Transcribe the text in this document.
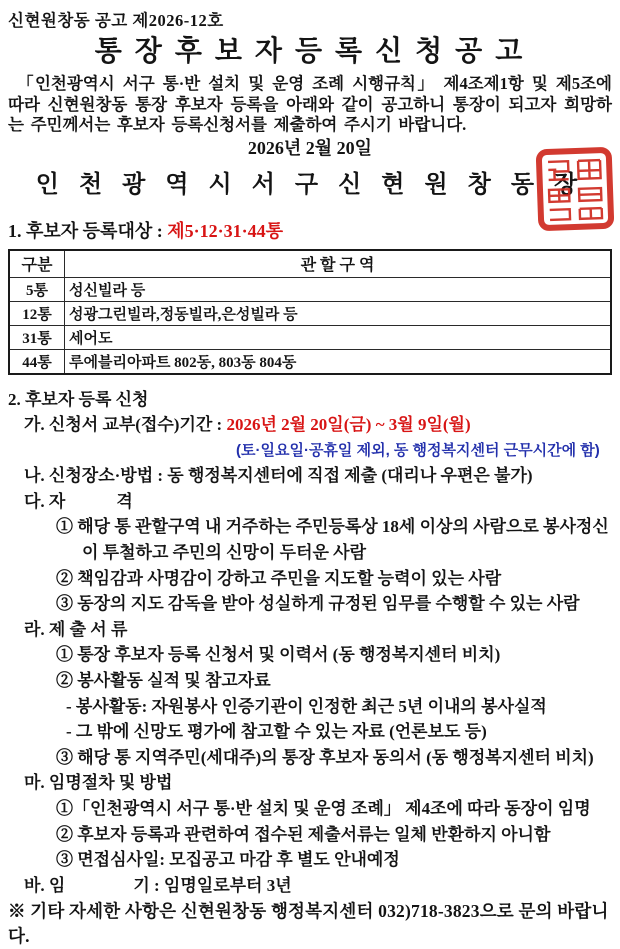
신현원창동 공고 제2026-12호
통 장 후 보 자 등 록 신 청 공 고
「인천광역시 서구 통·반 설치 및 운영 조례 시행규칙」 제4조제1항 및 제5조에 따라 신현원창동 통장 후보자 등록을 아래와 같이 공고하니 통장이 되고자 희망하는 주민께서는 후보자 등록신청서를 제출하여 주시기 바랍니다.
2026년 2월 20일
인 천 광 역 시 서 구 신 현 원 창 동 장
1. 후보자 등록대상 : 제5·12·31·44통
구분	관 할 구 역
5통	성신빌라 등
12통	성광그린빌라,정동빌라,은성빌라 등
31통	세어도
44통	루에블리아파트 802동, 803동 804동
2. 후보자 등록 신청
가. 신청서 교부(접수)기간 : 2026년 2월 20일(금) ~ 3월 9일(월)
(토·일요일·공휴일 제외, 동 행정복지센터 근무시간에 함)
나. 신청장소·방법 : 동 행정복지센터에 직접 제출 (대리나 우편은 불가)
다. 자　　　격
① 해당 통 관할구역 내 거주하는 주민등록상 18세 이상의 사람으로 봉사정신이 투철하고 주민의 신망이 두터운 사람
② 책임감과 사명감이 강하고 주민을 지도할 능력이 있는 사람
③ 동장의 지도 감독을 받아 성실하게 규정된 임무를 수행할 수 있는 사람
라. 제 출 서 류
① 통장 후보자 등록 신청서 및 이력서 (동 행정복지센터 비치)
② 봉사활동 실적 및 참고자료
- 봉사활동: 자원봉사 인증기관이 인정한 최근 5년 이내의 봉사실적
- 그 밖에 신망도 평가에 참고할 수 있는 자료 (언론보도 등)
③ 해당 통 지역주민(세대주)의 통장 후보자 동의서 (동 행정복지센터 비치)
마. 임명절차 및 방법
①「인천광역시 서구 통·반 설치 및 운영 조례」 제4조에 따라 동장이 임명
② 후보자 등록과 관련하여 접수된 제출서류는 일체 반환하지 아니함
③ 면접심사일: 모집공고 마감 후 별도 안내예정
바. 임　　　　기 : 임명일로부터 3년
※ 기타 자세한 사항은 신현원창동 행정복지센터 032)718-3823으로 문의 바랍니다.
